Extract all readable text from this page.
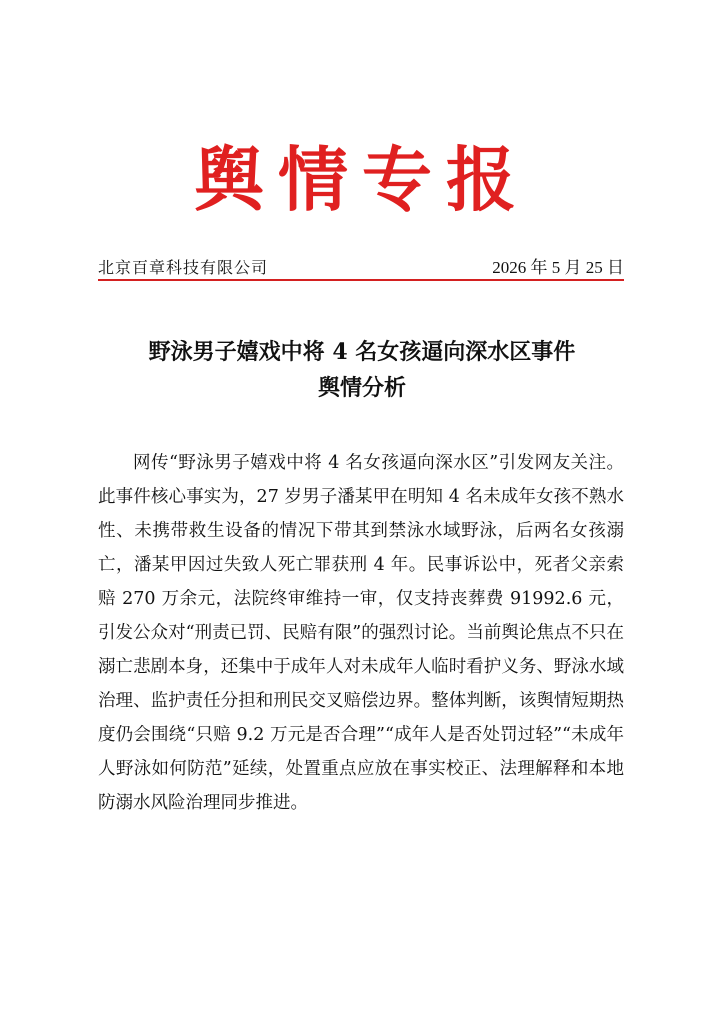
舆情专报
北京百章科技有限公司	2026 年 5 月 25 日
野泳男子嬉戏中将 4 名女孩逼向深水区事件
舆情分析

网传“野泳男子嬉戏中将 4 名女孩逼向深水区”引发网友关注。此事件核心事实为，27 岁男子潘某甲在明知 4 名未成年女孩不熟水性、未携带救生设备的情况下带其到禁泳水域野泳，后两名女孩溺亡，潘某甲因过失致人死亡罪获刑 4 年。民事诉讼中，死者父亲索赔 270 万余元，法院终审维持一审，仅支持丧葬费 91992.6 元，引发公众对“刑责已罚、民赔有限”的强烈讨论。当前舆论焦点不只在溺亡悲剧本身，还集中于成年人对未成年人临时看护义务、野泳水域治理、监护责任分担和刑民交叉赔偿边界。整体判断，该舆情短期热度仍会围绕“只赔 9.2 万元是否合理”“成年人是否处罚过轻”“未成年人野泳如何防范”延续，处置重点应放在事实校正、法理解释和本地防溺水风险治理同步推进。
